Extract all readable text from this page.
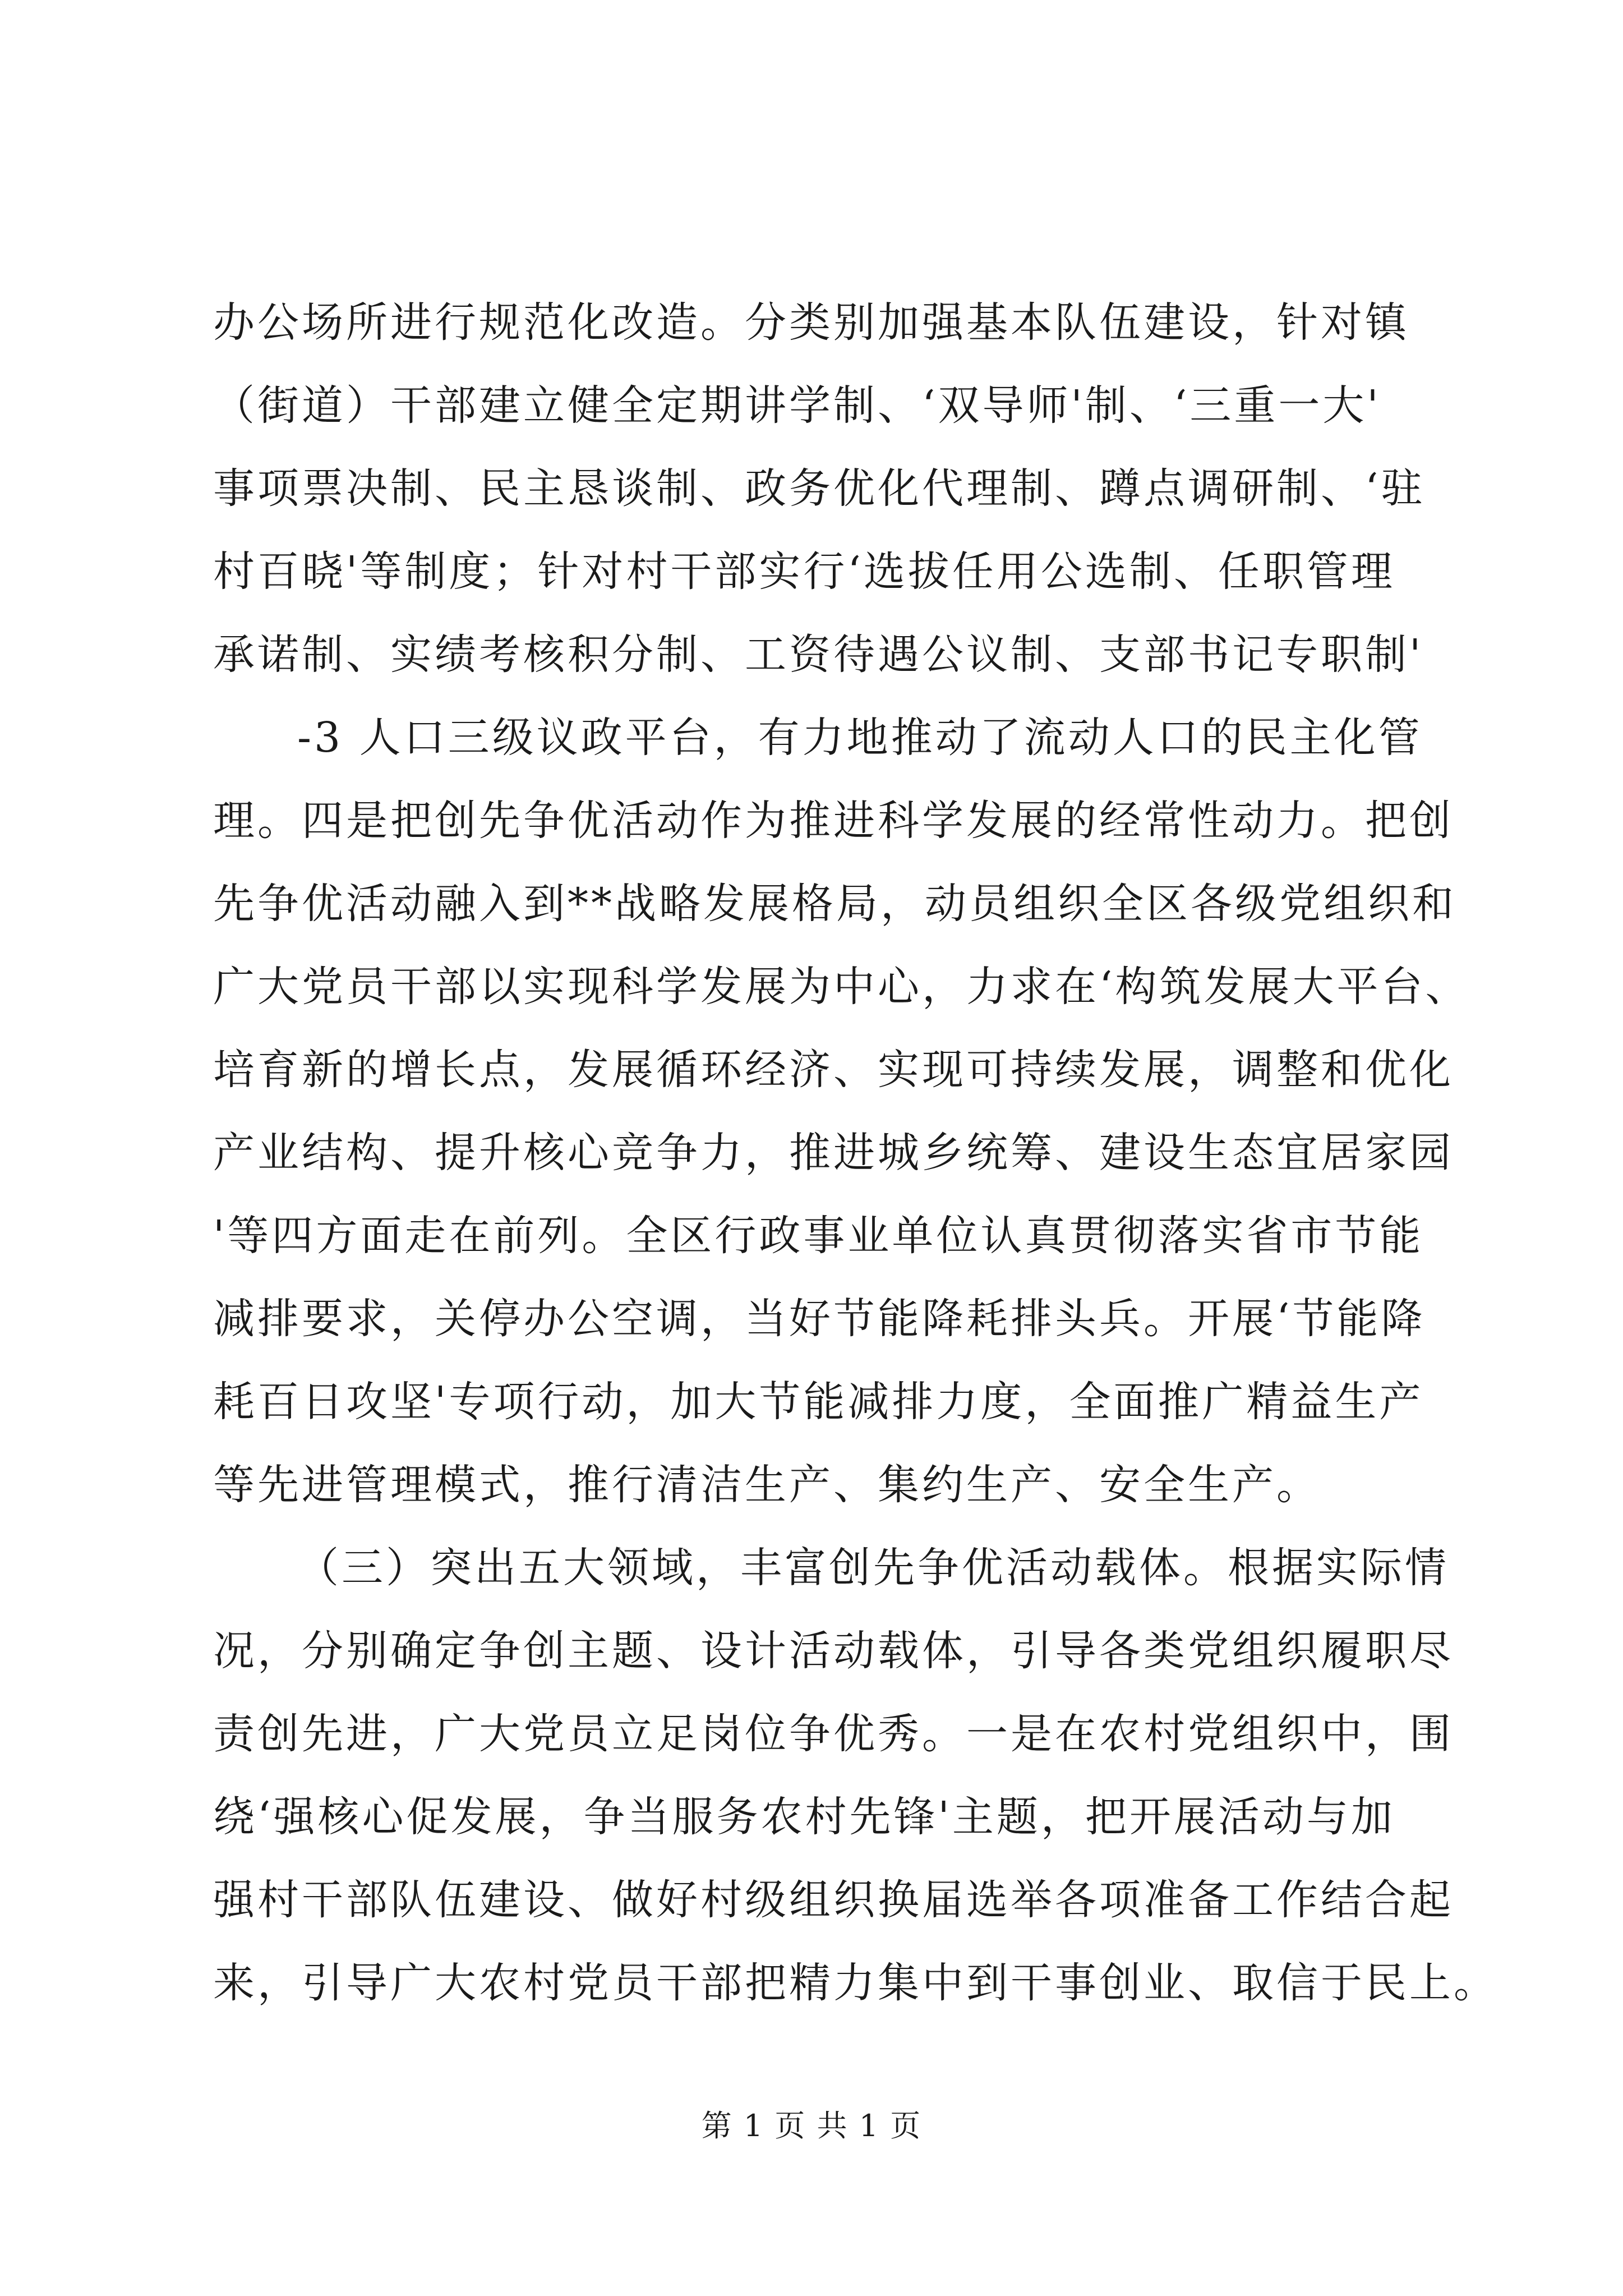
办公场所进行规范化改造。分类别加强基本队伍建设，针对镇
（街道）干部建立健全定期讲学制、‘双导师'制、‘三重一大'
事项票决制、民主恳谈制、政务优化代理制、蹲点调研制、‘驻
村百晓'等制度；针对村干部实行‘选拔任用公选制、任职管理
承诺制、实绩考核积分制、工资待遇公议制、支部书记专职制'
-3 人口三级议政平台，有力地推动了流动人口的民主化管
理。四是把创先争优活动作为推进科学发展的经常性动力。把创
先争优活动融入到**战略发展格局，动员组织全区各级党组织和
广大党员干部以实现科学发展为中心，力求在‘构筑发展大平台、
培育新的增长点，发展循环经济、实现可持续发展，调整和优化
产业结构、提升核心竞争力，推进城乡统筹、建设生态宜居家园
'等四方面走在前列。全区行政事业单位认真贯彻落实省市节能
减排要求，关停办公空调，当好节能降耗排头兵。开展‘节能降
耗百日攻坚'专项行动，加大节能减排力度，全面推广精益生产
等先进管理模式，推行清洁生产、集约生产、安全生产。
（三）突出五大领域，丰富创先争优活动载体。根据实际情
况，分别确定争创主题、设计活动载体，引导各类党组织履职尽
责创先进，广大党员立足岗位争优秀。一是在农村党组织中，围
绕‘强核心促发展，争当服务农村先锋'主题，把开展活动与加
强村干部队伍建设、做好村级组织换届选举各项准备工作结合起
来，引导广大农村党员干部把精力集中到干事创业、取信于民上。
第 1 页 共 1 页
